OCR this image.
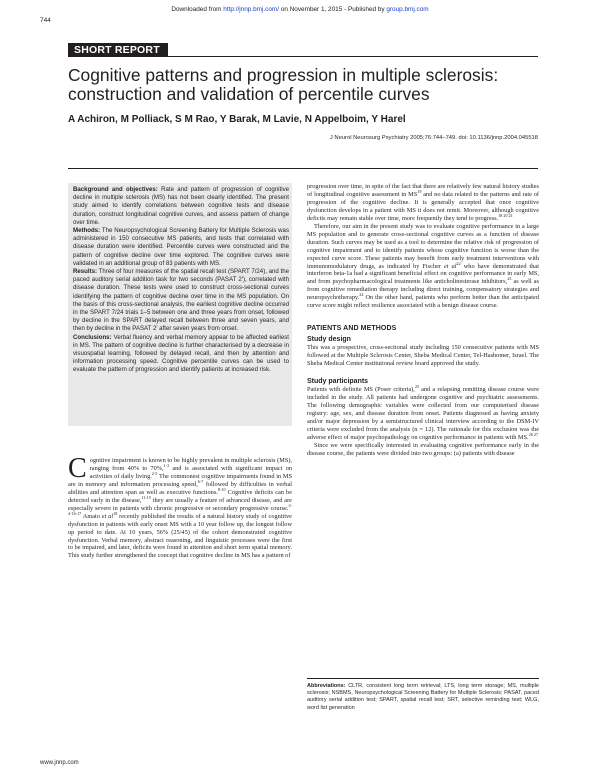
Downloaded from http://jnnp.bmj.com/ on November 1, 2015 - Published by group.bmj.com
744
SHORT REPORT
Cognitive patterns and progression in multiple sclerosis: construction and validation of percentile curves
A Achiron, M Polliack, S M Rao, Y Barak, M Lavie, N Appelboim, Y Harel
J Neurol Neurosurg Psychiatry 2005;76:744–749. doi: 10.1136/jnnp.2004.045518

Background and objectives: Rate and pattern of progression of cognitive decline in multiple sclerosis (MS) has not been clearly identified. The present study aimed to identify correlations between cognitive tests and disease duration, construct longitudinal cognitive curves, and assess pattern of change over time.

Methods: The Neuropsychological Screening Battery for Multiple Sclerosis was administered in 150 consecutive MS patients, and tests that correlated with disease duration were identified. Percentile curves were constructed and the pattern of cognitive decline over time explored. The cognitive curves were validated in an additional group of 83 patients with MS.

Results: Three of four measures of the spatial recall test (SPART 7/24), and the paced auditory serial addition task for two seconds (PASAT 2′), correlated with disease duration. These tests were used to construct cross-sectional curves identifying the pattern of cognitive decline over time in the MS population. On the basis of this cross-sectional analysis, the earliest cognitive decline occurred in the SPART 7/24 trials 1–5 between one and three years from onset, followed by decline in the SPART delayed recall between three and seven years, and then by decline in the PASAT 2′ after seven years from onset.

Conclusions: Verbal fluency and verbal memory appear to be affected earliest in MS. The pattern of cognitive decline is further characterised by a decrease in visuospatial learning, followed by delayed recall, and then by attention and information processing speed. Cognitive percentile curves can be used to evaluate the pattern of progression and identify patients at increased risk.

Cognitive impairment is known to be highly prevalent in multiple sclerosis (MS), ranging from 40% to 70%,$^{1-3}$ and is associated with significant impact on activities of daily living.$^{2-5}$ The commonest cognitive impairments found in MS are in memory and information processing speed,$^{6-7}$ followed by difficulties in verbal abilities and attention span as well as executive functions.$^{8-10}$ Cognitive deficits can be detected early in the disease,$^{11-15}$ they are usually a feature of advanced disease, and are especially severe in patients with chronic progressive or secondary progressive course.$^{2-4-16-17}$ Amato et $al^{18}$ recently published the results of a natural history study of cognitive dysfunction in patients with early onset MS with a 10 year follow up, the longest follow up period to date. At 10 years, 56% (25/45) of the cohort demonstrated cognitive dysfunction. Verbal memory, abstract reasoning, and linguistic processes were the first to be impaired, and later, deficits were found in attention and short term spatial memory. This study further strengthened the concept that cognitive decline in MS has a pattern of

progression over time, in spite of the fact that there are relatively few natural history studies of longitudinal cognitive assessment in MS$^{19}$ and no data related to the patterns and rate of progression of the cognitive decline. It is generally accepted that once cognitive dysfunction develops in a patient with MS it does not remit. Moreover, although cognitive deficits may remain stable over time, more frequently they tend to progress.$^{18 20 21}$

Therefore, our aim in the present study was to evaluate cognitive performance in a large MS population and to generate cross-sectional cognitive curves as a function of disease duration. Such curves may be used as a tool to determine the relative risk of progression of cognitive impairment and to identify patients whose cognitive function is worse than the expected curve score. These patients may benefit from early treatment interventions with immunomodulatory drugs, as indicated by Fischer et $al^{22}$ who have demonstrated that interferon beta-1a had a significant beneficial effect on cognitive performance in early MS, and from psychopharmacological treatments like anticholinesterase inhibitors,$^{23}$ as well as from cognitive remediation therapy including direct training, compensatory strategies and neuropsychotherapy.$^{24}$ On the other hand, patients who perform better than the anticipated curve score might reflect resilience associated with a benign disease course.

PATIENTS AND METHODS
Study design

This was a prospective, cross-sectional study including 150 consecutive patients with MS followed at the Multiple Sclerosis Center, Sheba Medical Center, Tel-Hashomer, Israel. The Sheba Medical Center institutional review board approved the study.

Study participants

Patients with definite MS (Poser criteria),$^{25}$ and a relapsing remitting disease course were included in the study. All patients had undergone cognitive and psychiatric assessments. The following demographic variables were collected from our computerised disease registry: age, sex, and disease duration from onset. Patients diagnosed as having anxiety and/or major depression by a semistructured clinical interview according to the DSM-IV criteria were excluded from the analysis (n = 12). The rationale for this exclusion was the adverse effect of major psychopathology on cognitive performance in patients with MS.$^{26 27}$

Since we were specifically interested in evaluating cognitive performance early in the disease course, the patients were divided into two groups: (a) patients with disease

Abbreviations: CLTR, consistent long term retrieval; LTS, long term storage; MS, multiple sclerosis; NSBMS, Neuropsychological Screening Battery for Multiple Sclerosis; PASAT, paced auditory serial addition test; SPART, spatial recall test; SRT, selective reminding test; WLG, word list generation
www.jnnp.com
